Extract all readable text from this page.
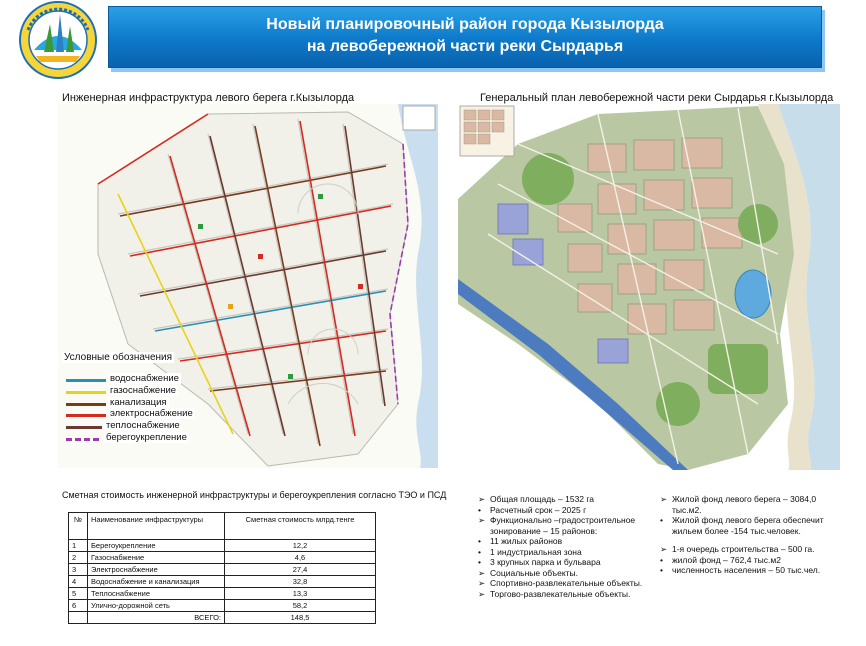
Новый планировочный район города Кызылорда
на левобережной части реки Сырдарья
Инженерная инфраструктура левого берега г.Кызылорда	Генеральный план левобережной части реки Сырдарья г.Кызылорда
Условные обозначения
водоснабжение
газоснабжение
канализация
электроснабжение
теплоснабжение
берегоукрепление
Сметная стоимость инженерной инфраструктуры и берегоукрепления согласно ТЭО и ПСД
№	Наименование инфраструктуры	Сметная стоимость млрд.тенге
1	Берегоукрепление	12,2
2	Газоснабжение	4,6
3	Электроснабжение	27,4
4	Водоснабжение и канализация	32,8
5	Теплоснабжение	13,3
6	Улично-дорожной сеть	58,2
	ВСЕГО:	148,5
➢ Общая площадь – 1532 га
•	Расчетный срок – 2025 г
➢ Функционально –градостроительное зонирование – 15 районов:
•	11 жилых районов
•	1 индустриальная зона
•	3 крупных парка и бульвара
➢ Социальные объекты.
➢ Спортивно-развлекательные объекты.
➢ Торгово-развлекательные объекты.
➢ Жилой фонд левого берега – 3084,0 тыс.м2.
•	Жилой фонд левого берега обеспечит жильем более -154 тыс.человек.
➢ 1-я очередь строительства – 500 га.
•	жилой фонд – 762,4 тыс.м2
•	численность населения – 50 тыс.чел.
